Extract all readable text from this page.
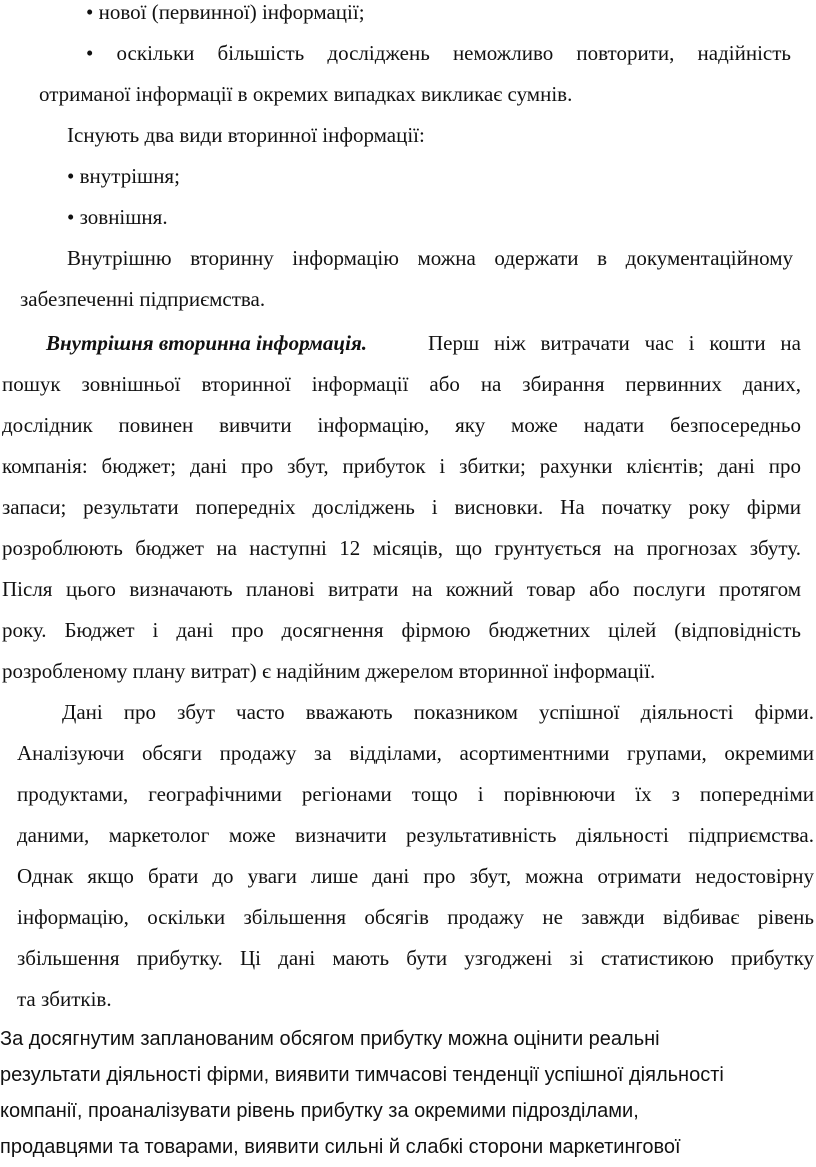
• нової (первинної) інформації;
• оскільки більшість досліджень неможливо повторити, надійність
отриманої інформації в окремих випадках викликає сумнів.
Існують два види вторинної інформації:
• внутрішня;
• зовнішня.
Внутрішню вторинну інформацію можна одержати в документаційному
забезпеченні підприємства.
Внутрішня вторинна інформація.	Перш ніж витрачати час і кошти на
пошук зовнішньої вторинної інформації або на збирання первинних даних,
дослідник повинен вивчити інформацію, яку може надати безпосередньо
компанія: бюджет; дані про збут, прибуток і збитки; рахунки клієнтів; дані про
запаси; результати попередніх досліджень і висновки. На початку року фірми
розроблюють бюджет на наступні 12 місяців, що грунтується на прогнозах збуту.
Після цього визначають планові витрати на кожний товар або послуги протягом
року. Бюджет і дані про досягнення фірмою бюджетних цілей (відповідність
розробленому плану витрат) є надійним джерелом вторинної інформації.
Дані про збут часто вважають показником успішної діяльності фірми.
Аналізуючи обсяги продажу за відділами, асортиментними групами, окремими
продуктами, географічними регіонами тощо і порівнюючи їх з попередніми
даними, маркетолог може визначити результативність діяльності підприємства.
Однак якщо брати до уваги лише дані про збут, можна отримати недостовірну
інформацію, оскільки збільшення обсягів продажу не завжди відбиває рівень
збільшення прибутку. Ці дані мають бути узгоджені зі статистикою прибутку
та збитків.
За досягнутим запланованим обсягом прибутку можна оцінити реальні
результати діяльності фірми, виявити тимчасові тенденції успішної діяльності
компанії, проаналізувати рівень прибутку за окремими підрозділами,
продавцями та товарами, виявити сильні й слабкі сторони маркетингової
